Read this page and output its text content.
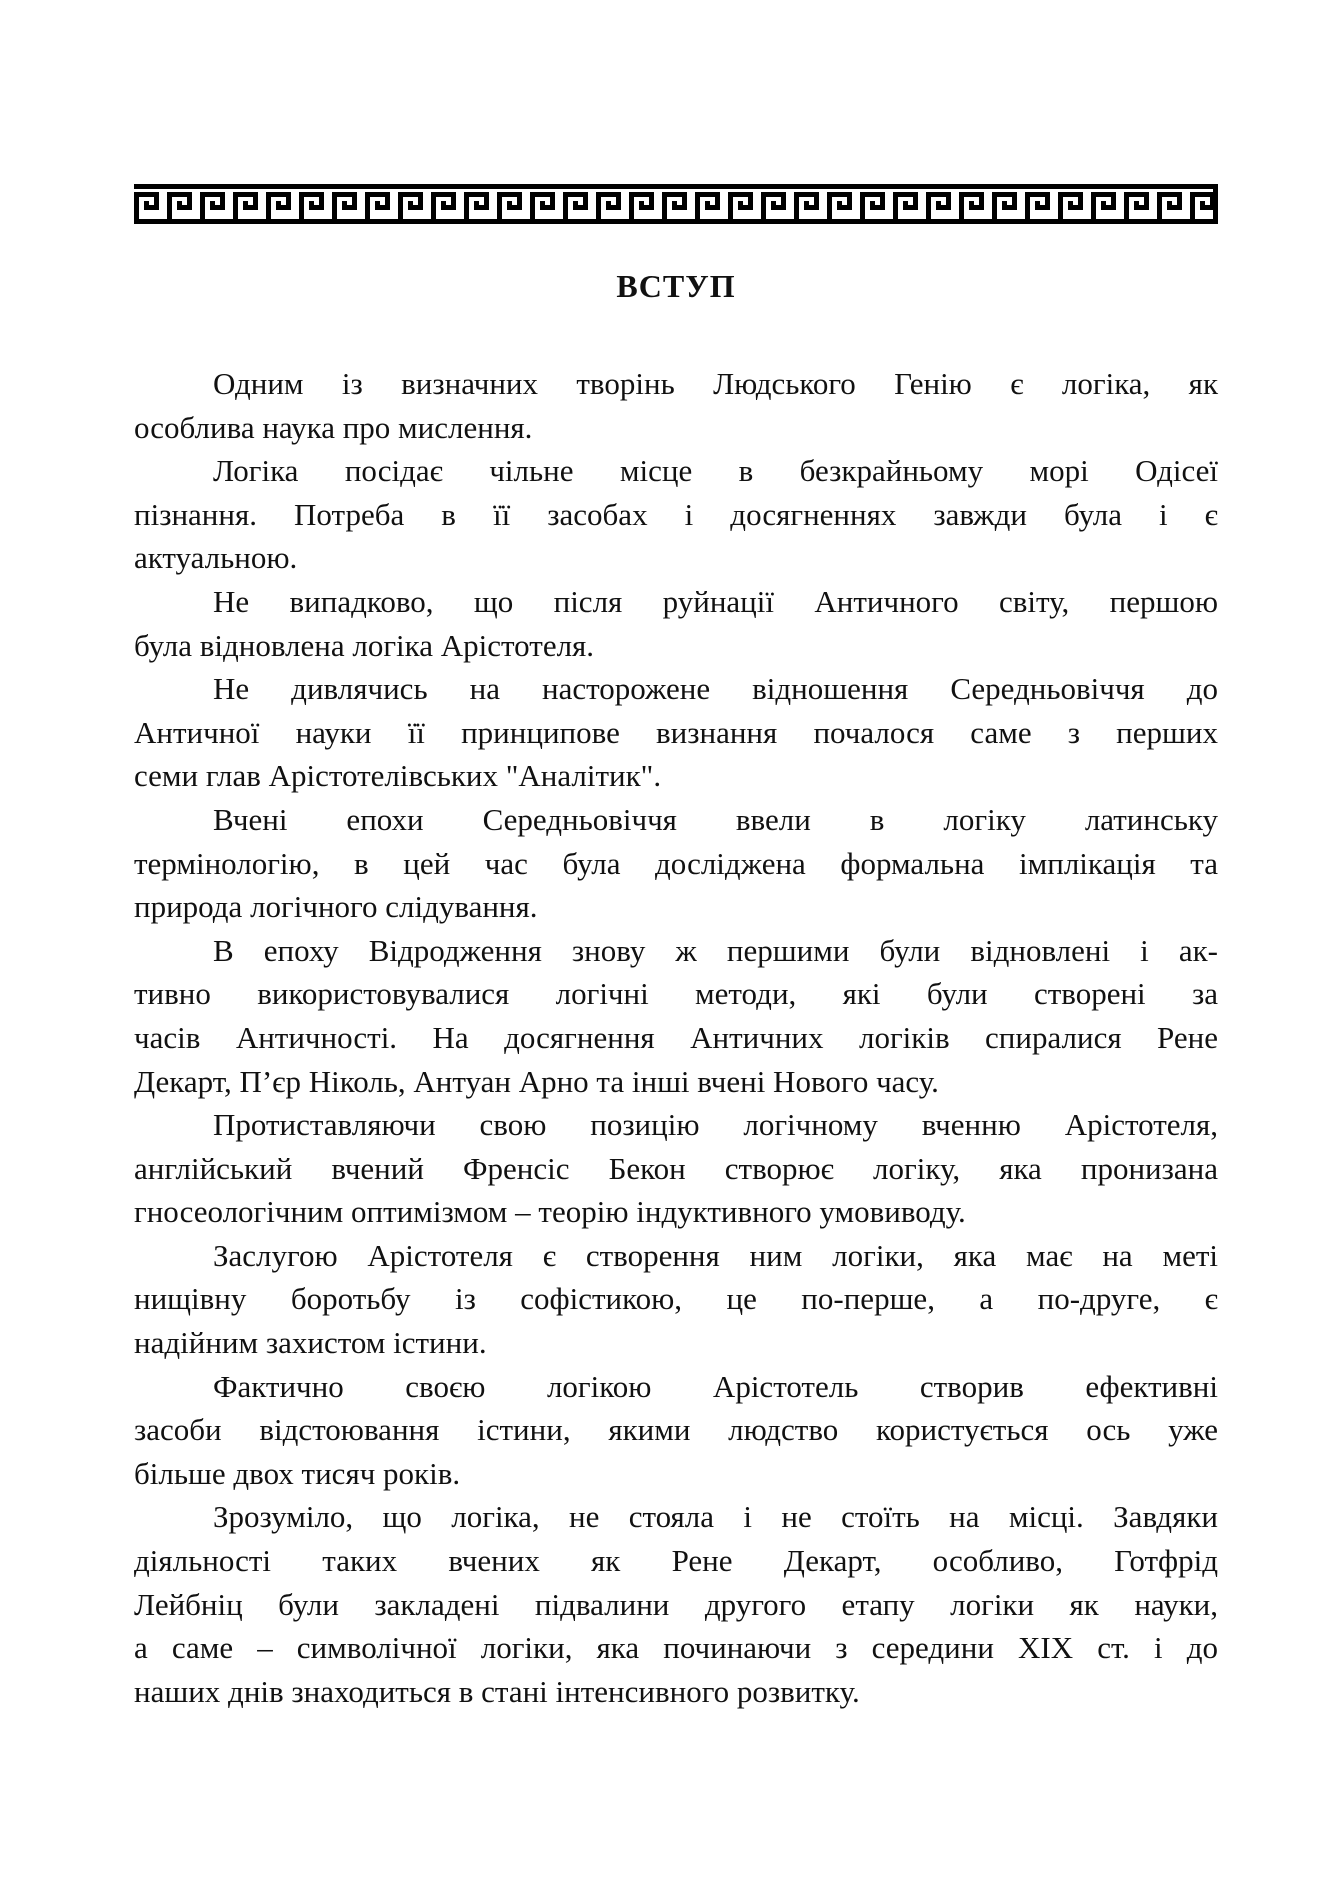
ВСТУП
Одним із визначних творінь Людського Генію є логіка, як
особлива наука про мислення.
Логіка посідає чільне місце в безкрайньому морі Одісеї
пізнання. Потреба в її засобах і досягненнях завжди була і є
актуальною.
Не випадково, що після руйнації Античного світу, першою
була відновлена логіка Арістотеля.
Не дивлячись на насторожене відношення Середньовіччя до
Античної науки її принципове визнання почалося саме з перших
семи глав Арістотелівських "Аналітик".
Вчені епохи Середньовіччя ввели в логіку латинську
термінологію, в цей час була досліджена формальна імплікація та
природа логічного слідування.
В епоху Відродження знову ж першими були відновлені і ак-
тивно використовувалися логічні методи, які були створені за
часів Античності. На досягнення Античних логіків спиралися Рене
Декарт, П’єр Ніколь, Антуан Арно та інші вчені Нового часу.
Протиставляючи свою позицію логічному вченню Арістотеля,
англійський вчений Френсіс Бекон створює логіку, яка пронизана
гносеологічним оптимізмом – теорію індуктивного умовиводу.
Заслугою Арістотеля є створення ним логіки, яка має на меті
нищівну боротьбу із софістикою, це по-перше, а по-друге, є
надійним захистом істини.
Фактично своєю логікою Арістотель створив ефективні
засоби відстоювання істини, якими людство користується ось уже
більше двох тисяч років.
Зрозуміло, що логіка, не стояла і не стоїть на місці. Завдяки
діяльності таких вчених як Рене Декарт, особливо, Готфрід
Лейбніц були закладені підвалини другого етапу логіки як науки,
а саме – символічної логіки, яка починаючи з середини XIX ст. і до
наших днів знаходиться в стані інтенсивного розвитку.
